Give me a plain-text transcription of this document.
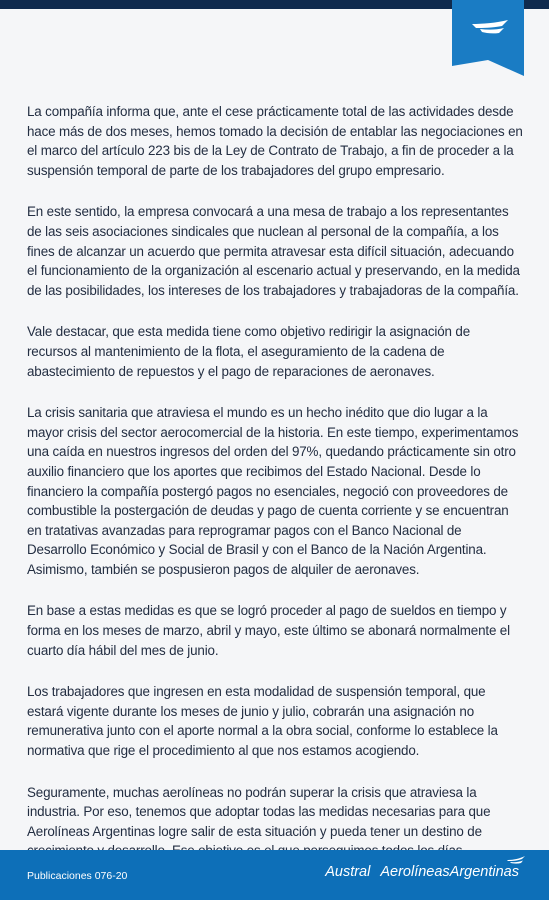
La compañía informa que, ante el cese prácticamente total de las actividades desde hace más de dos meses, hemos tomado la decisión de entablar las negociaciones en el marco del artículo 223 bis de la Ley de Contrato de Trabajo, a fin de proceder a la suspensión temporal de parte de los trabajadores del grupo empresario.

En este sentido, la empresa convocará a una mesa de trabajo a los representantes de las seis asociaciones sindicales que nuclean al personal de la compañía, a los fines de alcanzar un acuerdo que permita atravesar esta difícil situación, adecuando el funcionamiento de la organización al escenario actual y preservando, en la medida de las posibilidades, los intereses de los trabajadores y trabajadoras de la compañía.

Vale destacar, que esta medida tiene como objetivo redirigir la asignación de recursos al mantenimiento de la flota, el aseguramiento de la cadena de abastecimiento de repuestos y el pago de reparaciones de aeronaves.

La crisis sanitaria que atraviesa el mundo es un hecho inédito que dio lugar a la mayor crisis del sector aerocomercial de la historia. En este tiempo, experimentamos una caída en nuestros ingresos del orden del 97%, quedando prácticamente sin otro auxilio financiero que los aportes que recibimos del Estado Nacional. Desde lo financiero la compañía postergó pagos no esenciales, negoció con proveedores de combustible la postergación de deudas y pago de cuenta corriente y se encuentran en tratativas avanzadas para reprogramar pagos con el Banco Nacional de Desarrollo Económico y Social de Brasil y con el Banco de la Nación Argentina. Asimismo, también se pospusieron pagos de alquiler de aeronaves.

En base a estas medidas es que se logró proceder al pago de sueldos en tiempo y forma en los meses de marzo, abril y mayo, este último se abonará normalmente el cuarto día hábil del mes de junio.

Los trabajadores que ingresen en esta modalidad de suspensión temporal, que estará vigente durante los meses de junio y julio, cobrarán una asignación no remunerativa junto con el aporte normal a la obra social, conforme lo establece la normativa que rige el procedimiento al que nos estamos acogiendo.

Seguramente, muchas aerolíneas no podrán superar la crisis que atraviesa la industria. Por eso, tenemos que adoptar todas las medidas necesarias para que Aerolíneas Argentinas logre salir de esta situación y pueda tener un destino de

Publicaciones 076-20	Austral AerolíneasArgentinas
